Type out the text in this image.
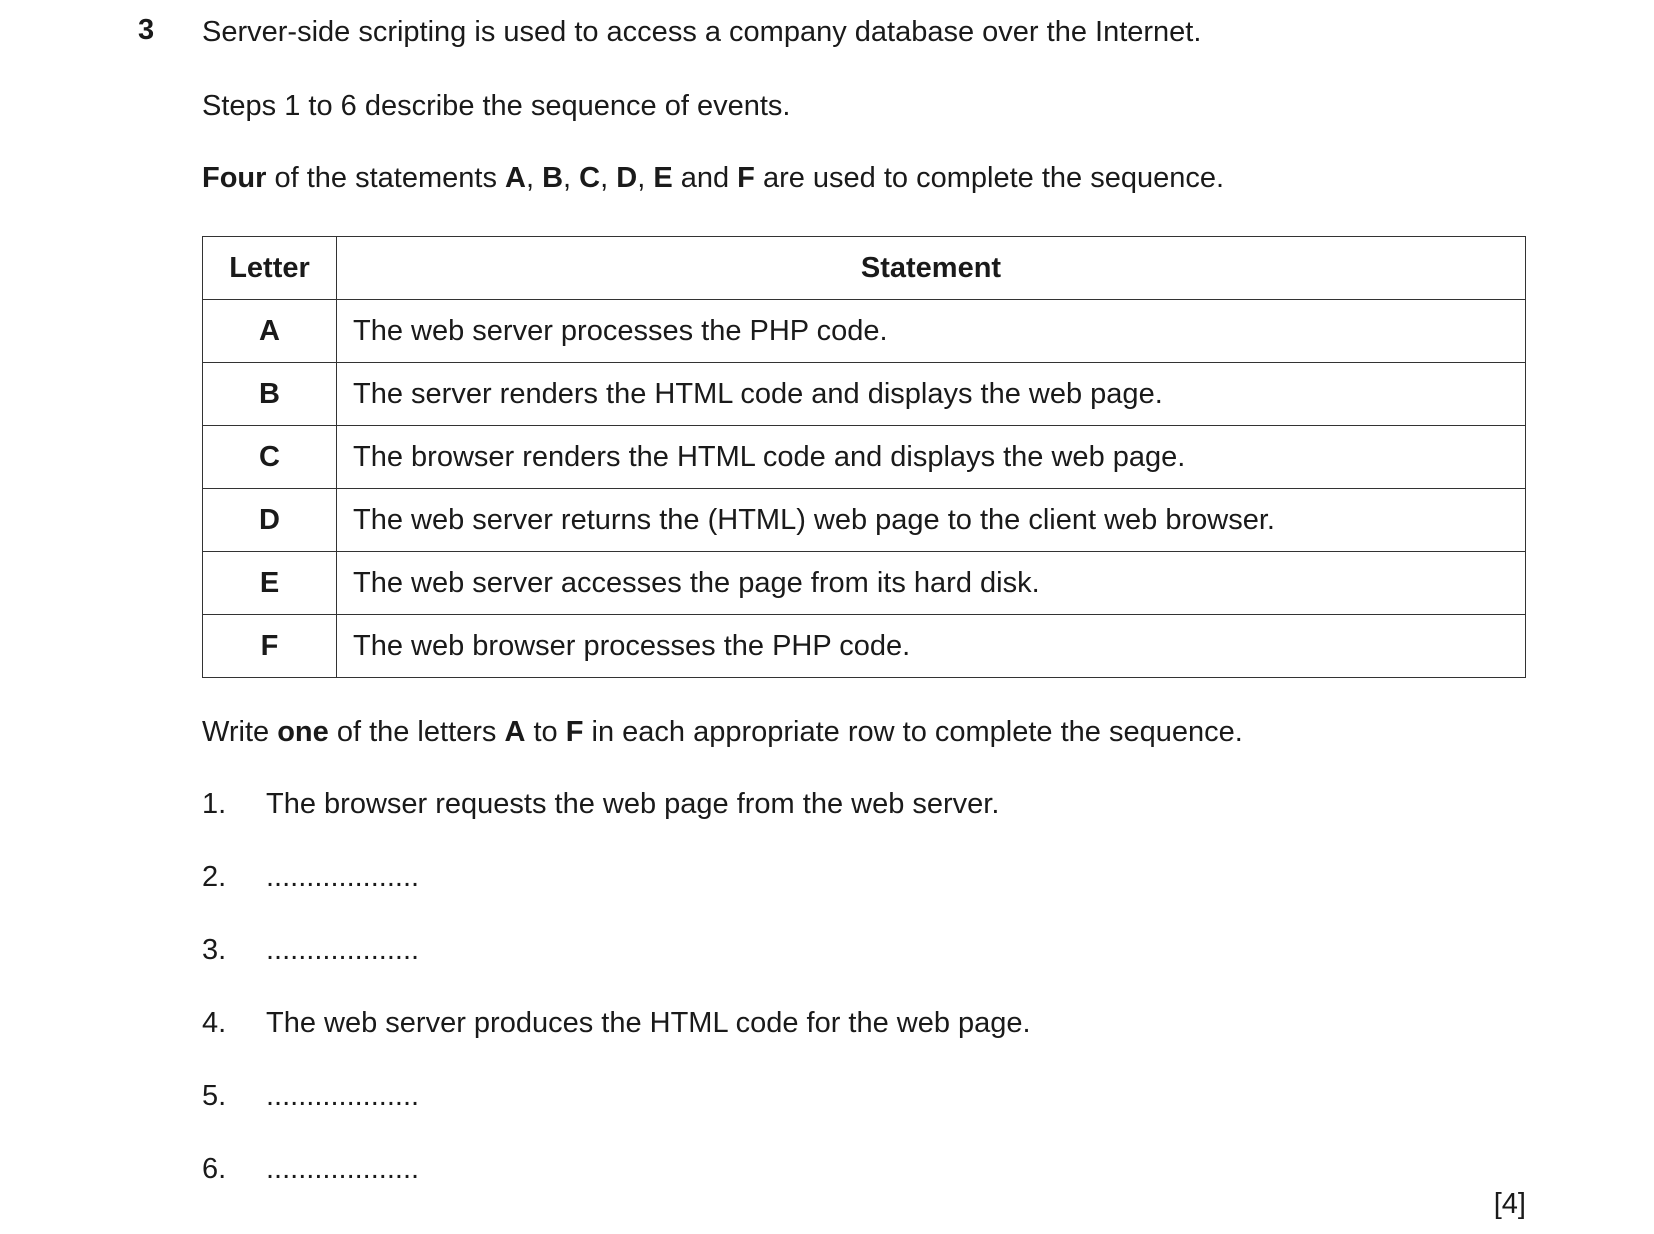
3 Server-side scripting is used to access a company database over the Internet.
Steps 1 to 6 describe the sequence of events.
Four of the statements A, B, C, D, E and F are used to complete the sequence.
Letter	Statement
A	The web server processes the PHP code.
B	The server renders the HTML code and displays the web page.
C	The browser renders the HTML code and displays the web page.
D	The web server returns the (HTML) web page to the client web browser.
E	The web server accesses the page from its hard disk.
F	The web browser processes the PHP code.
Write one of the letters A to F in each appropriate row to complete the sequence.
1. The browser requests the web page from the web server.
2. ...................
3. ...................
4. The web server produces the HTML code for the web page.
5. ...................
6. ...................
[4]
